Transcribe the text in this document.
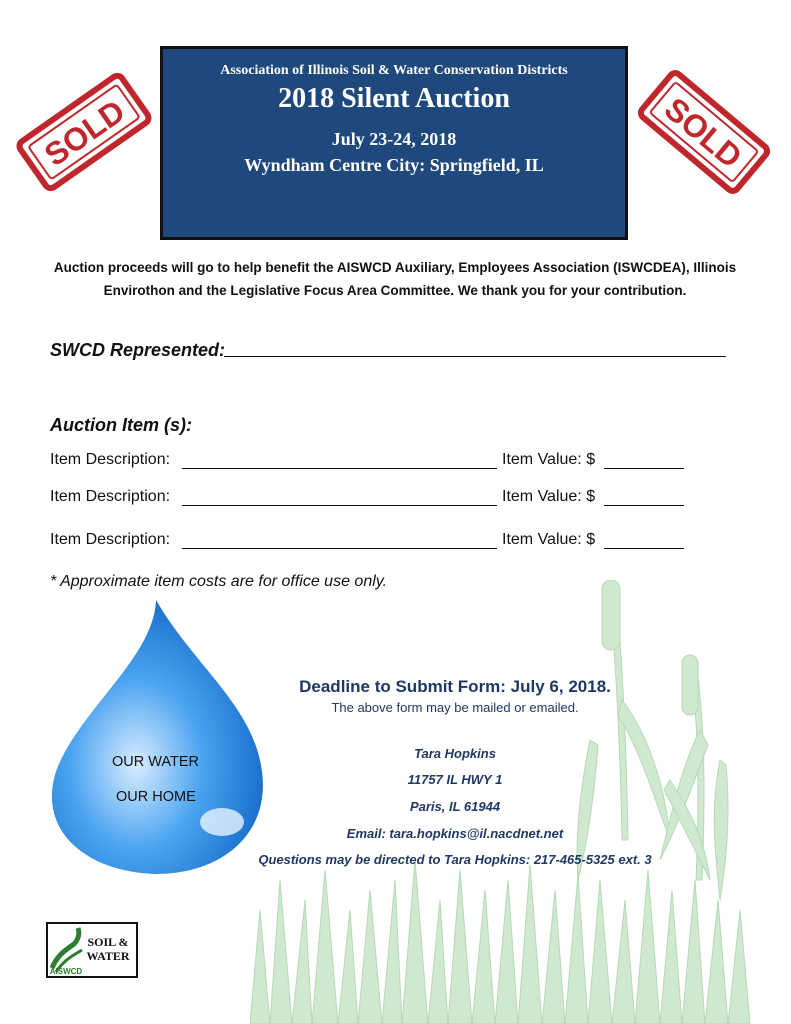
Association of Illinois Soil & Water Conservation Districts
2018 Silent Auction
July 23-24, 2018
Wyndham Centre City: Springfield, IL
SOLD	SOLD
Auction proceeds will go to help benefit the AISWCD Auxiliary, Employees Association (ISWCDEA), Illinois
Envirothon and the Legislative Focus Area Committee. We thank you for your contribution.
SWCD Represented:
Auction Item (s):
Item Description:	Item Value: $
Item Description:	Item Value: $
Item Description:	Item Value: $
* Approximate item costs are for office use only.
OUR WATER
OUR HOME
Deadline to Submit Form: July 6, 2018.
The above form may be mailed or emailed.
Tara Hopkins
11757 IL HWY 1
Paris, IL 61944
Email: tara.hopkins@il.nacdnet.net
Questions may be directed to Tara Hopkins: 217-465-5325 ext. 3
SOIL &
WATER
AISWCD
